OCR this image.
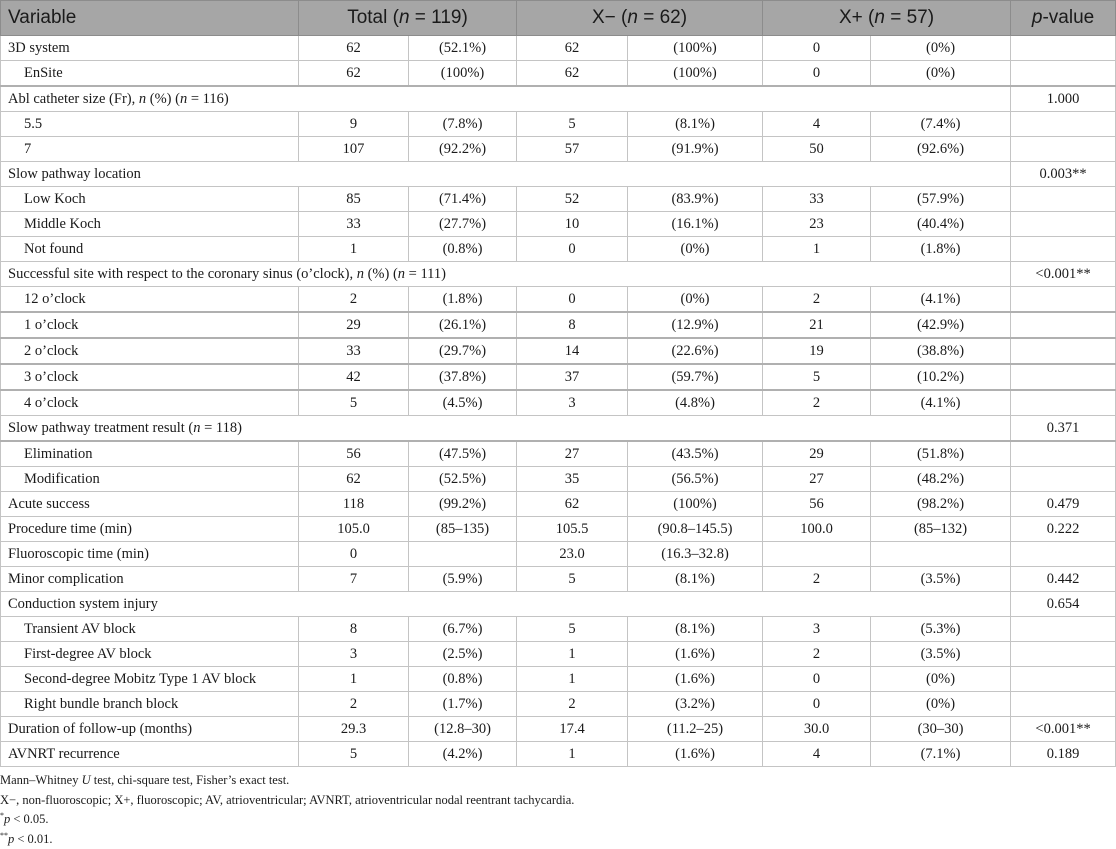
Variable	Total (n = 119)		X− (n = 62)		X+ (n = 57)		p-value
3D system	62	(52.1%)	62	(100%)	0	(0%)	
EnSite	62	(100%)	62	(100%)	0	(0%)	
Abl catheter size (Fr), n (%) (n = 116)							1.000
5.5	9	(7.8%)	5	(8.1%)	4	(7.4%)	
7	107	(92.2%)	57	(91.9%)	50	(92.6%)	
Slow pathway location							0.003**
Low Koch	85	(71.4%)	52	(83.9%)	33	(57.9%)	
Middle Koch	33	(27.7%)	10	(16.1%)	23	(40.4%)	
Not found	1	(0.8%)	0	(0%)	1	(1.8%)	
Successful site with respect to the coronary sinus (o’clock), n (%) (n = 111)							<0.001**
12 o’clock	2	(1.8%)	0	(0%)	2	(4.1%)	
1 o’clock	29	(26.1%)	8	(12.9%)	21	(42.9%)	
2 o’clock	33	(29.7%)	14	(22.6%)	19	(38.8%)	
3 o’clock	42	(37.8%)	37	(59.7%)	5	(10.2%)	
4 o’clock	5	(4.5%)	3	(4.8%)	2	(4.1%)	
Slow pathway treatment result (n = 118)							0.371
Elimination	56	(47.5%)	27	(43.5%)	29	(51.8%)	
Modification	62	(52.5%)	35	(56.5%)	27	(48.2%)	
Acute success	118	(99.2%)	62	(100%)	56	(98.2%)	0.479
Procedure time (min)	105.0	(85–135)	105.5	(90.8–145.5)	100.0	(85–132)	0.222
Fluoroscopic time (min)	0		23.0	(16.3–32.8)			
Minor complication	7	(5.9%)	5	(8.1%)	2	(3.5%)	0.442
Conduction system injury							0.654
Transient AV block	8	(6.7%)	5	(8.1%)	3	(5.3%)	
First-degree AV block	3	(2.5%)	1	(1.6%)	2	(3.5%)	
Second-degree Mobitz Type 1 AV block	1	(0.8%)	1	(1.6%)	0	(0%)	
Right bundle branch block	2	(1.7%)	2	(3.2%)	0	(0%)	
Duration of follow-up (months)	29.3	(12.8–30)	17.4	(11.2–25)	30.0	(30–30)	<0.001**
AVNRT recurrence	5	(4.2%)	1	(1.6%)	4	(7.1%)	0.189
Mann–Whitney U test, chi-square test, Fisher’s exact test.
X−, non-fluoroscopic; X+, fluoroscopic; AV, atrioventricular; AVNRT, atrioventricular nodal reentrant tachycardia.
*p < 0.05.
**p < 0.01.
